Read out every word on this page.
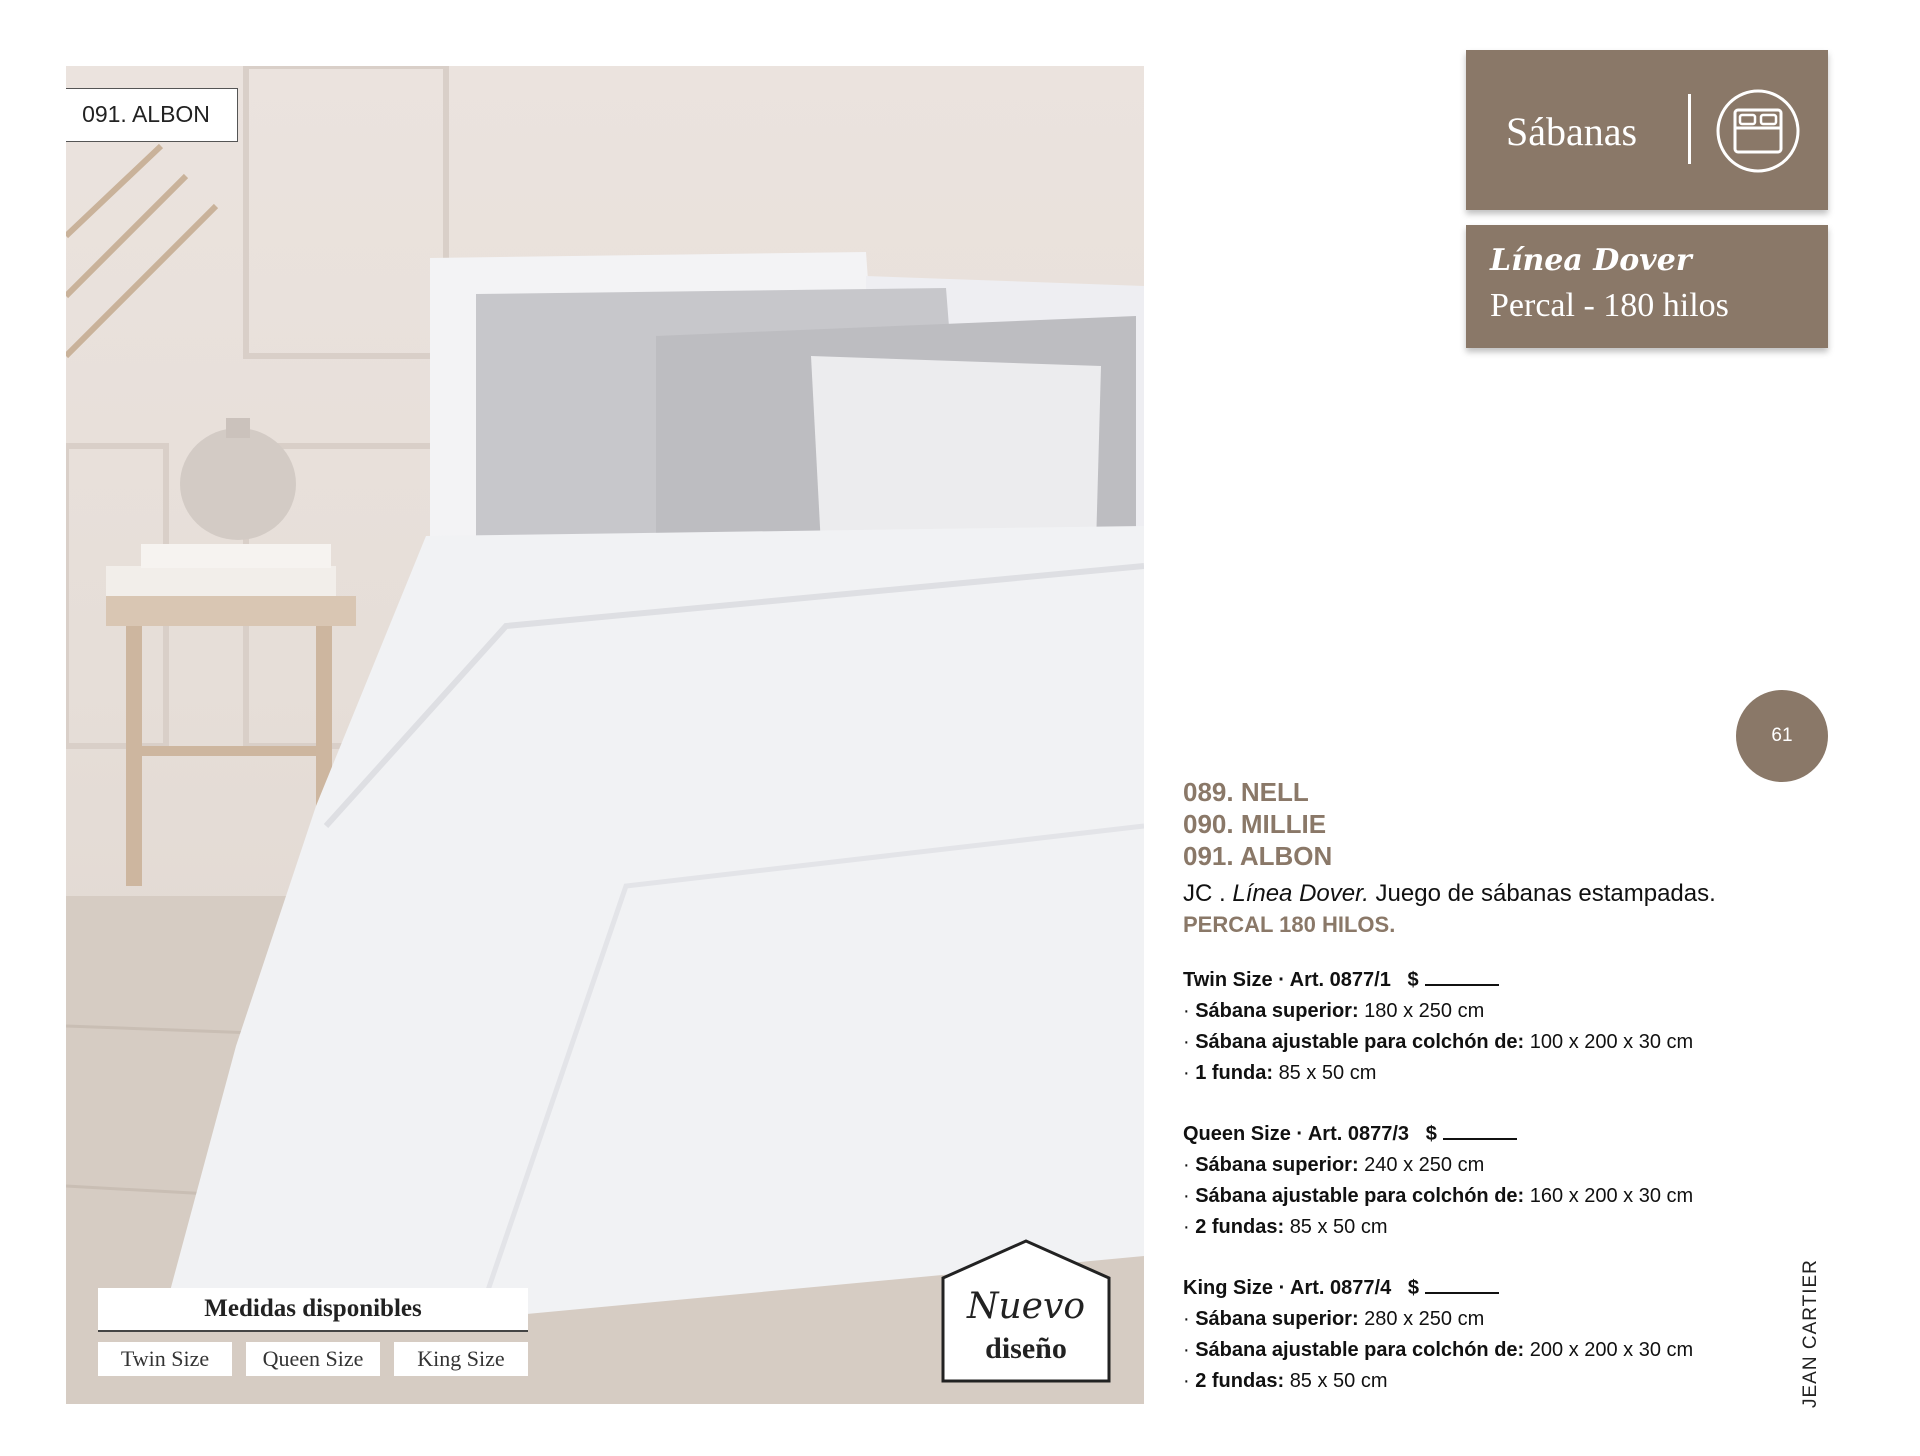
091. ALBON
Medidas disponibles
Twin Size	Queen Size	King Size
Nuevo
diseño
Sábanas
Línea Dover
Percal - 180 hilos
61
089. NELL
090. MILLIE
091. ALBON
JC . Línea Dover. Juego de sábanas estampadas.
PERCAL 180 HILOS.
Twin Size · Art. 0877/1 $
· Sábana superior: 180 x 250 cm
· Sábana ajustable para colchón de: 100 x 200 x 30 cm
· 1 funda: 85 x 50 cm
Queen Size · Art. 0877/3 $
· Sábana superior: 240 x 250 cm
· Sábana ajustable para colchón de: 160 x 200 x 30 cm
· 2 fundas: 85 x 50 cm
King Size · Art. 0877/4 $
· Sábana superior: 280 x 250 cm
· Sábana ajustable para colchón de: 200 x 200 x 30 cm
· 2 fundas: 85 x 50 cm	JEAN CARTIER
